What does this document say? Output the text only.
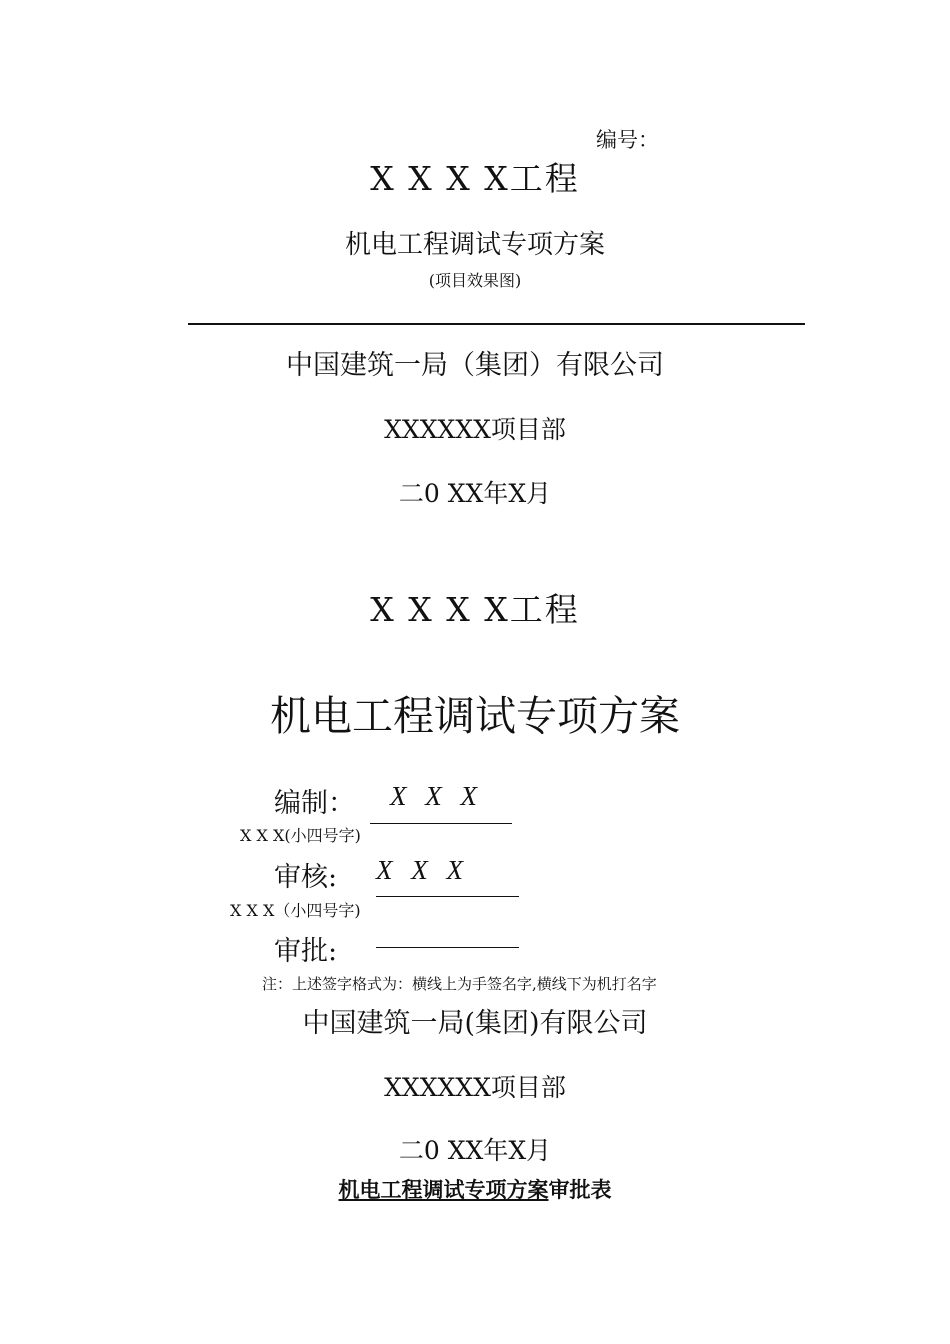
编号：
X X X X工程
机电工程调试专项方案
(项目效果图)
中国建筑一局（集团）有限公司
XXXXXX项目部
二0 XX年X月
X X X X工程
机电工程调试专项方案
编制： X X X
X X X(小四号字)
审核: X X X
X X X（小四号字)
审批:
注：上述签字格式为：横线上为手签名字,横线下为机打名字
中国建筑一局(集团)有限公司
XXXXXX项目部
二0 XX年X月
机电工程调试专项方案审批表
